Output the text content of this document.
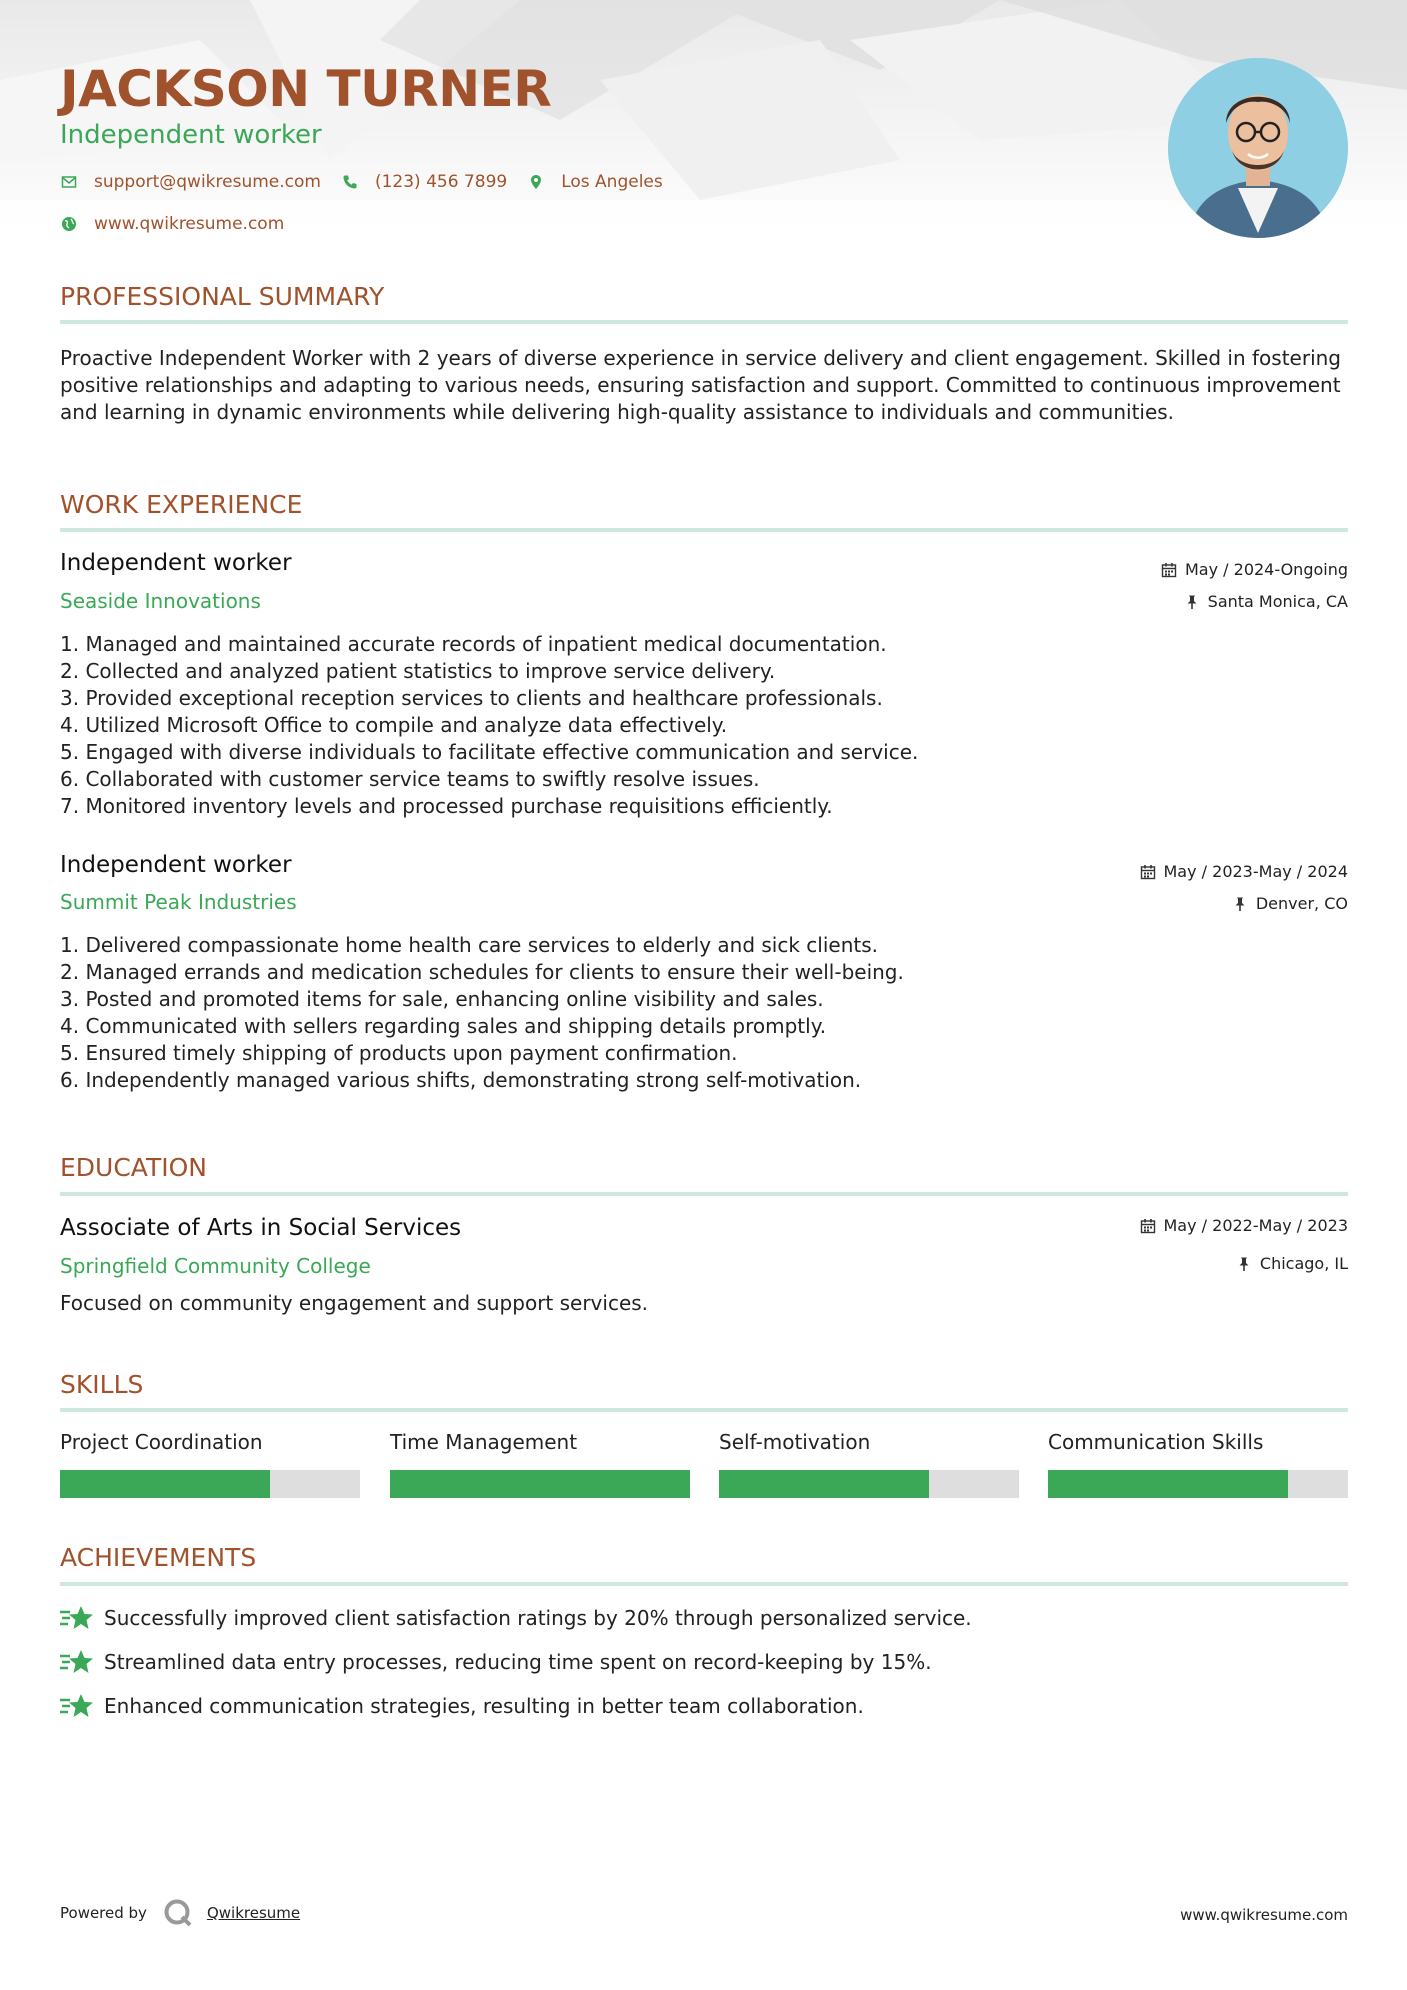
JACKSON TURNER
Independent worker
support@qwikresume.com	(123) 456 7899	Los Angeles
www.qwikresume.com
PROFESSIONAL SUMMARY
Proactive Independent Worker with 2 years of diverse experience in service delivery and client engagement. Skilled in fostering positive relationships and adapting to various needs, ensuring satisfaction and support. Committed to continuous improvement and learning in dynamic environments while delivering high-quality assistance to individuals and communities.
WORK EXPERIENCE
Independent worker
Seaside Innovations
May / 2024-Ongoing
Santa Monica, CA
1. Managed and maintained accurate records of inpatient medical documentation.
2. Collected and analyzed patient statistics to improve service delivery.
3. Provided exceptional reception services to clients and healthcare professionals.
4. Utilized Microsoft Office to compile and analyze data effectively.
5. Engaged with diverse individuals to facilitate effective communication and service.
6. Collaborated with customer service teams to swiftly resolve issues.
7. Monitored inventory levels and processed purchase requisitions efficiently.
Independent worker
Summit Peak Industries
May / 2023-May / 2024
Denver, CO
1. Delivered compassionate home health care services to elderly and sick clients.
2. Managed errands and medication schedules for clients to ensure their well-being.
3. Posted and promoted items for sale, enhancing online visibility and sales.
4. Communicated with sellers regarding sales and shipping details promptly.
5. Ensured timely shipping of products upon payment confirmation.
6. Independently managed various shifts, demonstrating strong self-motivation.
EDUCATION
Associate of Arts in Social Services
Springfield Community College
May / 2022-May / 2023
Chicago, IL
Focused on community engagement and support services.
SKILLS
Project Coordination	Time Management	Self-motivation	Communication Skills
ACHIEVEMENTS
Successfully improved client satisfaction ratings by 20% through personalized service.
Streamlined data entry processes, reducing time spent on record-keeping by 15%.
Enhanced communication strategies, resulting in better team collaboration.
Powered by	Qwikresume	www.qwikresume.com
